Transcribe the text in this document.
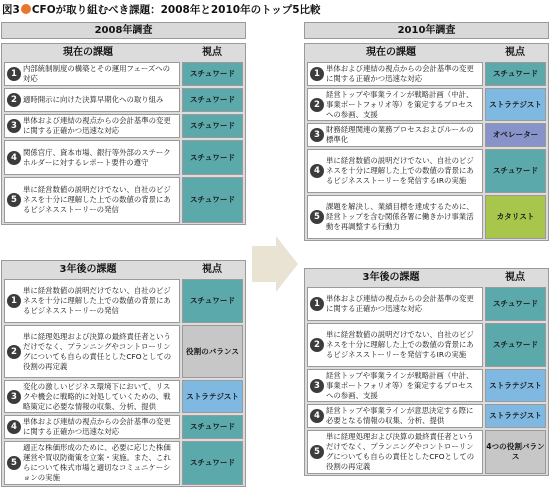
図3 CFOが取り組むべき課題：2008年と2010年のトップ5比較
2008年調査
現在の課題	視点
1
内部統制制度の構築とその運用フェーズへの対応
スチュワード
2 適時開示に向けた決算早期化への取り組み	スチュワード
3
単体および連結の視点からの会計基準の変更に関する正確かつ迅速な対応
スチュワード
4
関係官庁、資本市場、銀行等外部のステークホルダーに対するレポート要件の遵守
スチュワード
5
単に経営数値の説明だけでない、自社のビジネスを十分に理解した上での数値の背景にあるビジネスストーリーの発信
スチュワード
3年後の課題	視点
1
単に経営数値の説明だけでない、自社のビジネスを十分に理解した上での数値の背景にあるビジネスストーリーの発信
スチュワード
2
単に経理処理および決算の最終責任者というだけでなく、プランニングやコントローリングについても自らの責任としたCFOとしての役割の再定義
役割のバランス
3
変化の激しいビジネス環境下において、リスクや機会に戦略的に対処していくための、戦略策定に必要な情報の収集、分析、提供
ストラテジスト
4
単体および連結の視点からの会計基準の変更に関する正確かつ迅速な対応
スチュワード
5
適正な株価形成のために、必要に応じた株価運営や買収防衛策を立案・実施。また、これらについて株式市場と適切なコミュニケーションの実施
スチュワード
2010年調査
現在の課題	視点
1
単体および連結の視点からの会計基準の変更に関する正確かつ迅速な対応
スチュワード
2
経営トップや事業ラインが戦略計画（中計、事業ポートフォリオ等）を策定するプロセスへの参画、支援
ストラテジスト
3
財務経理関連の業務プロセスおよびルールの標準化
オペレーター
4
単に経営数値の説明だけでない、自社のビジネスを十分に理解した上での数値の背景にあるビジネスストーリーを発信するIRの実施
スチュワード
5
課題を解決し、業績目標を達成するために、経営トップを含む関係各署に働きかけ事業活動を再調整する行動力
カタリスト
3年後の課題	視点
1
単体および連結の視点からの会計基準の変更に関する正確かつ迅速な対応
スチュワード
2
単に経営数値の説明だけでない、自社のビジネスを十分に理解した上での数値の背景にあるビジネスストーリーを発信するIRの実施
スチュワード
3
経営トップや事業ラインが戦略計画（中計、事業ポートフォリオ等）を策定するプロセスへの参画、支援
ストラテジスト
4
経営トップや事業ラインが意思決定する際に必要となる情報の収集、分析、提供
ストラテジスト
5
単に経理処理および決算の最終責任者というだけでなく、プランニングやコントローリングについても自らの責任としたCFOとしての役割の再定義
4つの役割バランス
